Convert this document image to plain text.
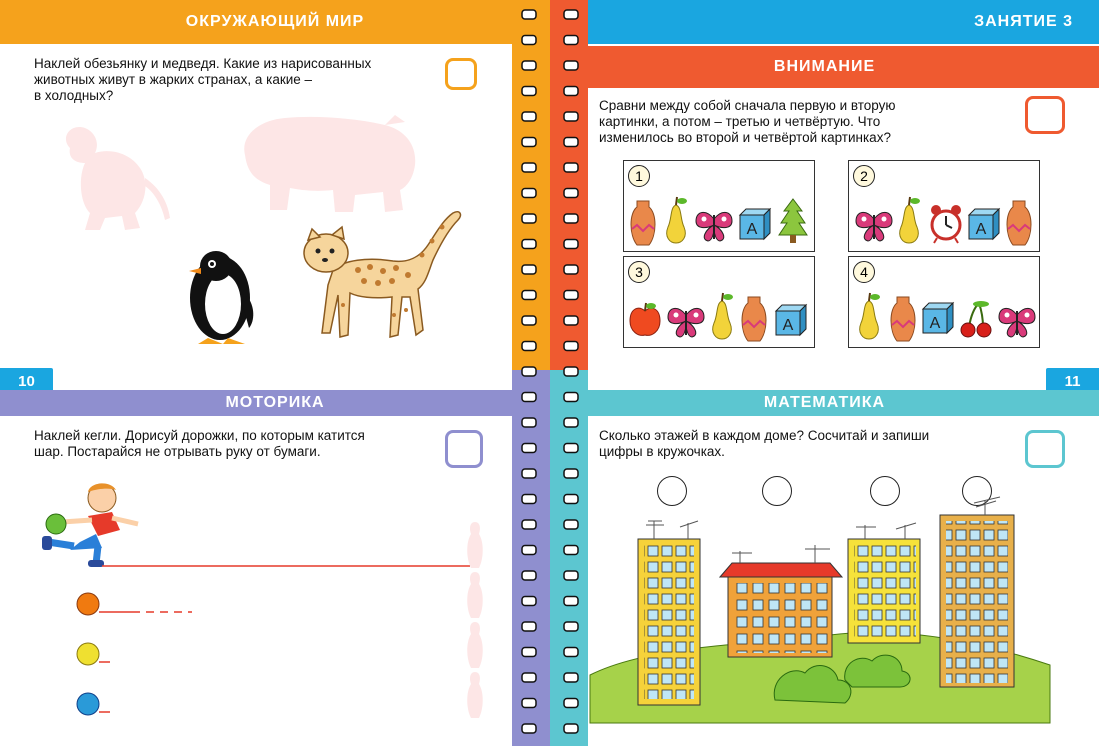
ОКРУЖАЮЩИЙ МИР
Наклей обезьянку и медведя. Какие из нарисованных
животных живут в жарких странах, а какие –
в холодных?
ЗАНЯТИЕ 3
ВНИМАНИЕ
Сравни между собой сначала первую и вторую
картинки, а потом – третью и четвёртую. Что
изменилось во второй и четвёртой картинках?
1
A
2
A
3
A
4
A
10
МОТОРИКА
Наклей кегли. Дорисуй дорожки, по которым катится
шар. Постарайся не отрывать руку от бумаги.
11
МАТЕМАТИКА
Сколько этажей в каждом доме? Сосчитай и запиши
цифры в кружочках.
